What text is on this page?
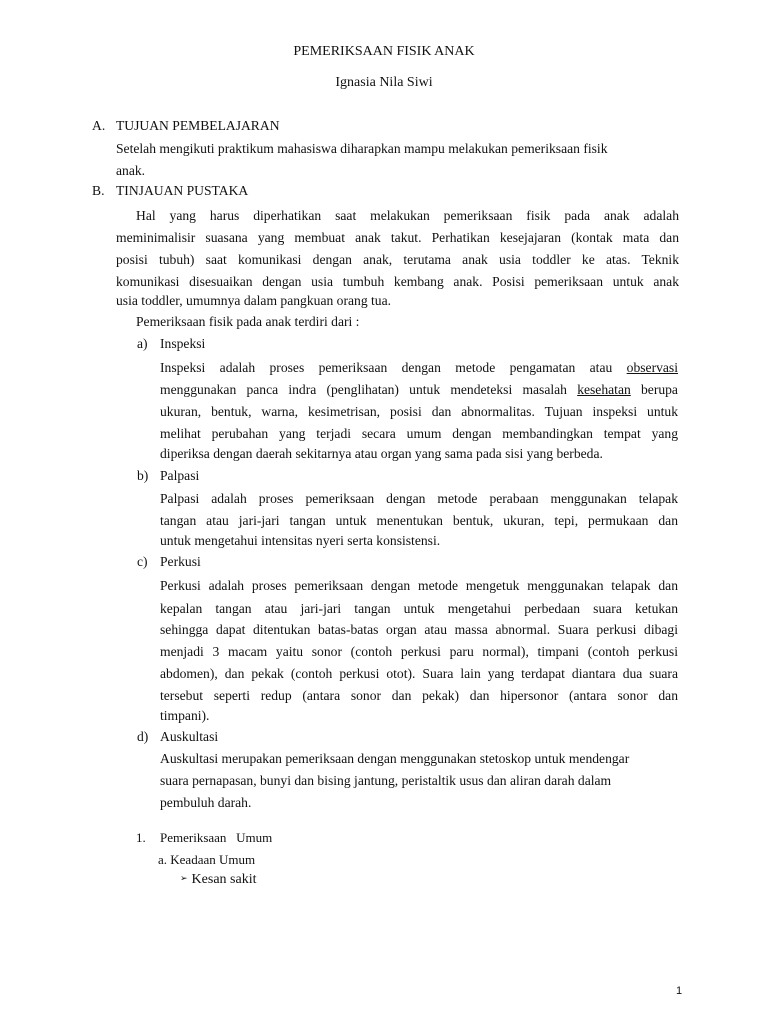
PEMERIKSAAN FISIK ANAK
Ignasia Nila Siwi
A. TUJUAN PEMBELAJARAN
Setelah mengikuti praktikum mahasiswa diharapkan mampu melakukan pemeriksaan fisik
anak.
B. TINJAUAN PUSTAKA
Hal yang harus diperhatikan saat melakukan pemeriksaan fisik pada anak adalah
meminimalisir suasana yang membuat anak takut. Perhatikan kesejajaran (kontak mata dan
posisi tubuh) saat komunikasi dengan anak, terutama anak usia toddler ke atas. Teknik
komunikasi disesuaikan dengan usia tumbuh kembang anak. Posisi pemeriksaan untuk anak
usia toddler, umumnya dalam pangkuan orang tua.
Pemeriksaan fisik pada anak terdiri dari :
a) Inspeksi
Inspeksi adalah proses pemeriksaan dengan metode pengamatan atau observasi
menggunakan panca indra (penglihatan) untuk mendeteksi masalah kesehatan berupa
ukuran, bentuk, warna, kesimetrisan, posisi dan abnormalitas. Tujuan inspeksi untuk
melihat perubahan yang terjadi secara umum dengan membandingkan tempat yang
diperiksa dengan daerah sekitarnya atau organ yang sama pada sisi yang berbeda.
b) Palpasi
Palpasi adalah proses pemeriksaan dengan metode perabaan menggunakan telapak
tangan atau jari-jari tangan untuk menentukan bentuk, ukuran, tepi, permukaan dan
untuk mengetahui intensitas nyeri serta konsistensi.
c) Perkusi
Perkusi adalah proses pemeriksaan dengan metode mengetuk menggunakan telapak dan
kepalan tangan atau jari-jari tangan untuk mengetahui perbedaan suara ketukan
sehingga dapat ditentukan batas-batas organ atau massa abnormal. Suara perkusi dibagi
menjadi 3 macam yaitu sonor (contoh perkusi paru normal), timpani (contoh perkusi
abdomen), dan pekak (contoh perkusi otot). Suara lain yang terdapat diantara dua suara
tersebut seperti redup (antara sonor dan pekak) dan hipersonor (antara sonor dan
timpani).
d) Auskultasi
Auskultasi merupakan pemeriksaan dengan menggunakan stetoskop untuk mendengar
suara pernapasan, bunyi dan bising jantung, peristaltik usus dan aliran darah dalam
pembuluh darah.
1. Pemeriksaan   Umum
a. Keadaan Umum
➢ Kesan sakit
1
